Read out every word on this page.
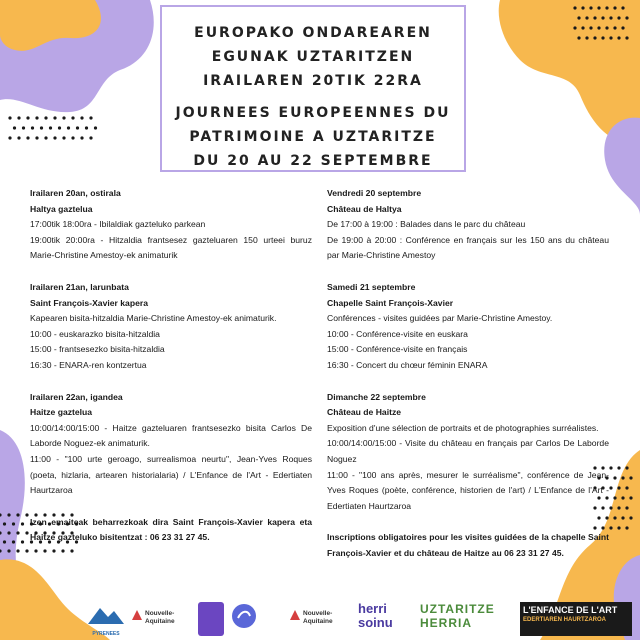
EUROPAKO ONDAREAREN
EGUNAK UZTARITZEN
IRAILAREN 20TIK 22RA
JOURNEES EUROPEENNES DU
PATRIMOINE A UZTARITZE
DU 20 AU 22 SEPTEMBRE

Irailaren 20an, ostirala

Haltya gaztelua

17:00tik 18:00ra - Ibilaldiak gazteluko parkean

19:00tik 20:00ra - Hitzaldia frantsesez gazteluaren 150 urteei buruz Marie-Christine Amestoy-ek animaturik

Irailaren 21an, larunbata

Saint François-Xavier kapera

Kapearen bisita-hitzaldia Marie-Christine Amestoy-ek animaturik.

10:00 - euskarazko bisita-hitzaldia

15:00 - frantsesezko bisita-hitzaldia

16:30 - ENARA-ren kontzertua

Irailaren 22an, igandea

Haitze gaztelua

10:00/14:00/15:00 - Haitze gazteluaren frantsesezko bisita Carlos De Laborde Noguez-ek animaturik.

11:00 - "100 urte geroago, surrealismoa neurtu", Jean-Yves Roques (poeta, hizlaria, artearen historialaria) / L'Enfance de l'Art - Edertiaten Haurtzaroa

Izen emaiteak beharrezkoak dira Saint François-Xavier kapera eta Haitze gazteluko bisitentzat : 06 23 31 27 45.

Vendredi 20 septembre

Château de Haltya

De 17:00 à 19:00 : Balades dans le parc du château

De 19:00 à 20:00 : Conférence en français sur les 150 ans du château par Marie-Christine Amestoy

Samedi 21 septembre

Chapelle Saint François-Xavier

Conférences - visites guidées par Marie-Christine Amestoy.

10:00 - Conférence-visite en euskara

15:00 - Conférence-visite en français

16:30 - Concert du chœur féminin ENARA

Dimanche 22 septembre

Château de Haitze

Exposition d'une sélection de portraits et de photographies surréalistes.

10:00/14:00/15:00 - Visite du château en français par Carlos De Laborde Noguez

11:00 - "100 ans après, mesurer le surréalisme", conférence de Jean-Yves Roques (poète, conférence, historien de l'art) / L'Enfance de l'Art - Edertiaten Haurtzaroa

Inscriptions obligatoires pour les visites guidées de la chapelle Saint François-Xavier et du château de Haitze au 06 23 31 27 45.

PYRENEES
Nouvelle-Aquitaine
Nouvelle-Aquitaine
herri soinu
UZTARITZE HERRIA
L'ENFANCE DE L'ART
EDERTIAREN HAURTZAROA
